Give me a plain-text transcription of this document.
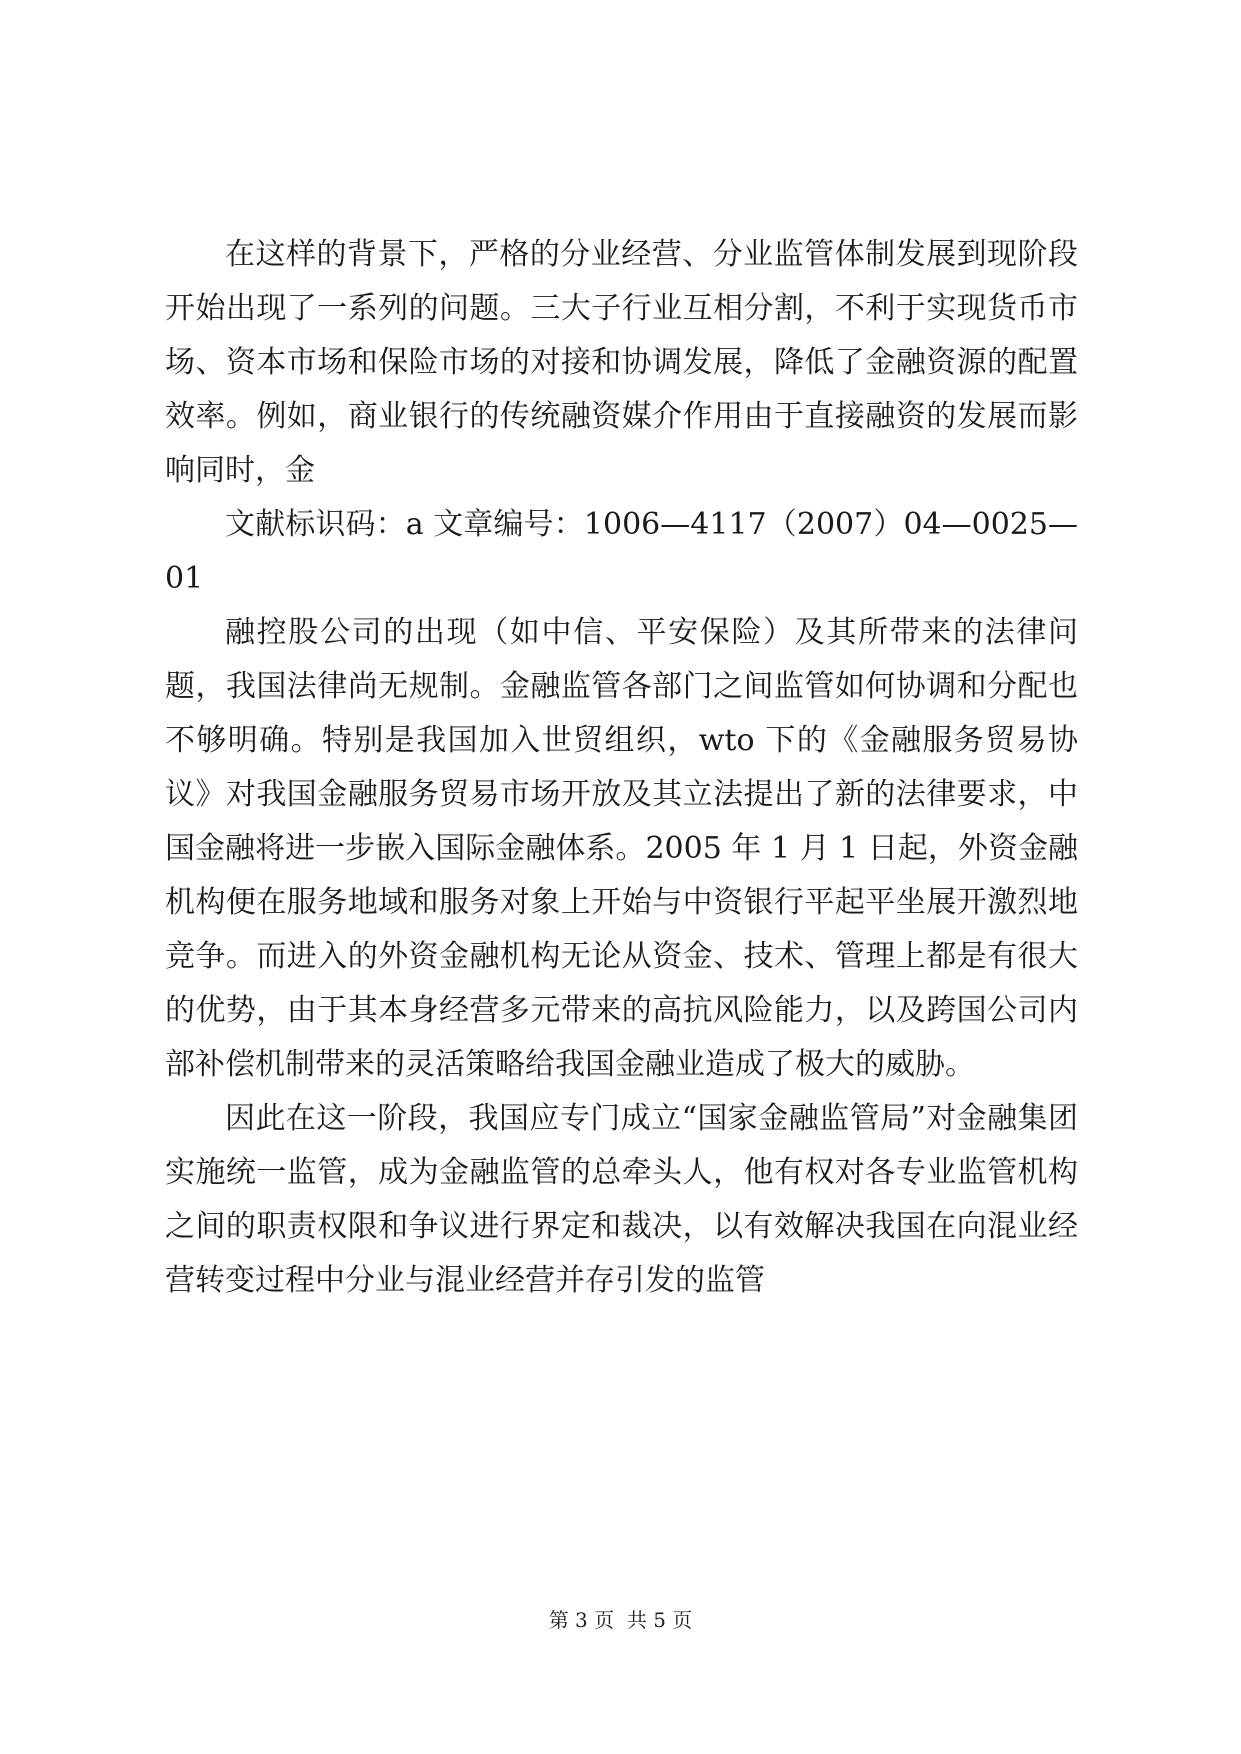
在这样的背景下，严格的分业经营、分业监管体制发展到现阶段开始出现了一系列的问题。三大子行业互相分割，不利于实现货币市场、资本市场和保险市场的对接和协调发展，降低了金融资源的配置效率。例如，商业银行的传统融资媒介作用由于直接融资的发展而影响同时，金

文献标识码：a 文章编号：1006—4117（2007）04—0025—01

融控股公司的出现（如中信、平安保险）及其所带来的法律问题，我国法律尚无规制。金融监管各部门之间监管如何协调和分配也不够明确。特别是我国加入世贸组织，wto 下的《金融服务贸易协议》对我国金融服务贸易市场开放及其立法提出了新的法律要求，中国金融将进一步嵌入国际金融体系。2005 年 1 月 1 日起，外资金融机构便在服务地域和服务对象上开始与中资银行平起平坐展开激烈地竞争。而进入的外资金融机构无论从资金、技术、管理上都是有很大的优势，由于其本身经营多元带来的高抗风险能力，以及跨国公司内部补偿机制带来的灵活策略给我国金融业造成了极大的威胁。

因此在这一阶段，我国应专门成立“国家金融监管局”对金融集团实施统一监管，成为金融监管的总牵头人，他有权对各专业监管机构之间的职责权限和争议进行界定和裁决，以有效解决我国在向混业经营转变过程中分业与混业经营并存引发的监管

第 3 页  共 5 页
